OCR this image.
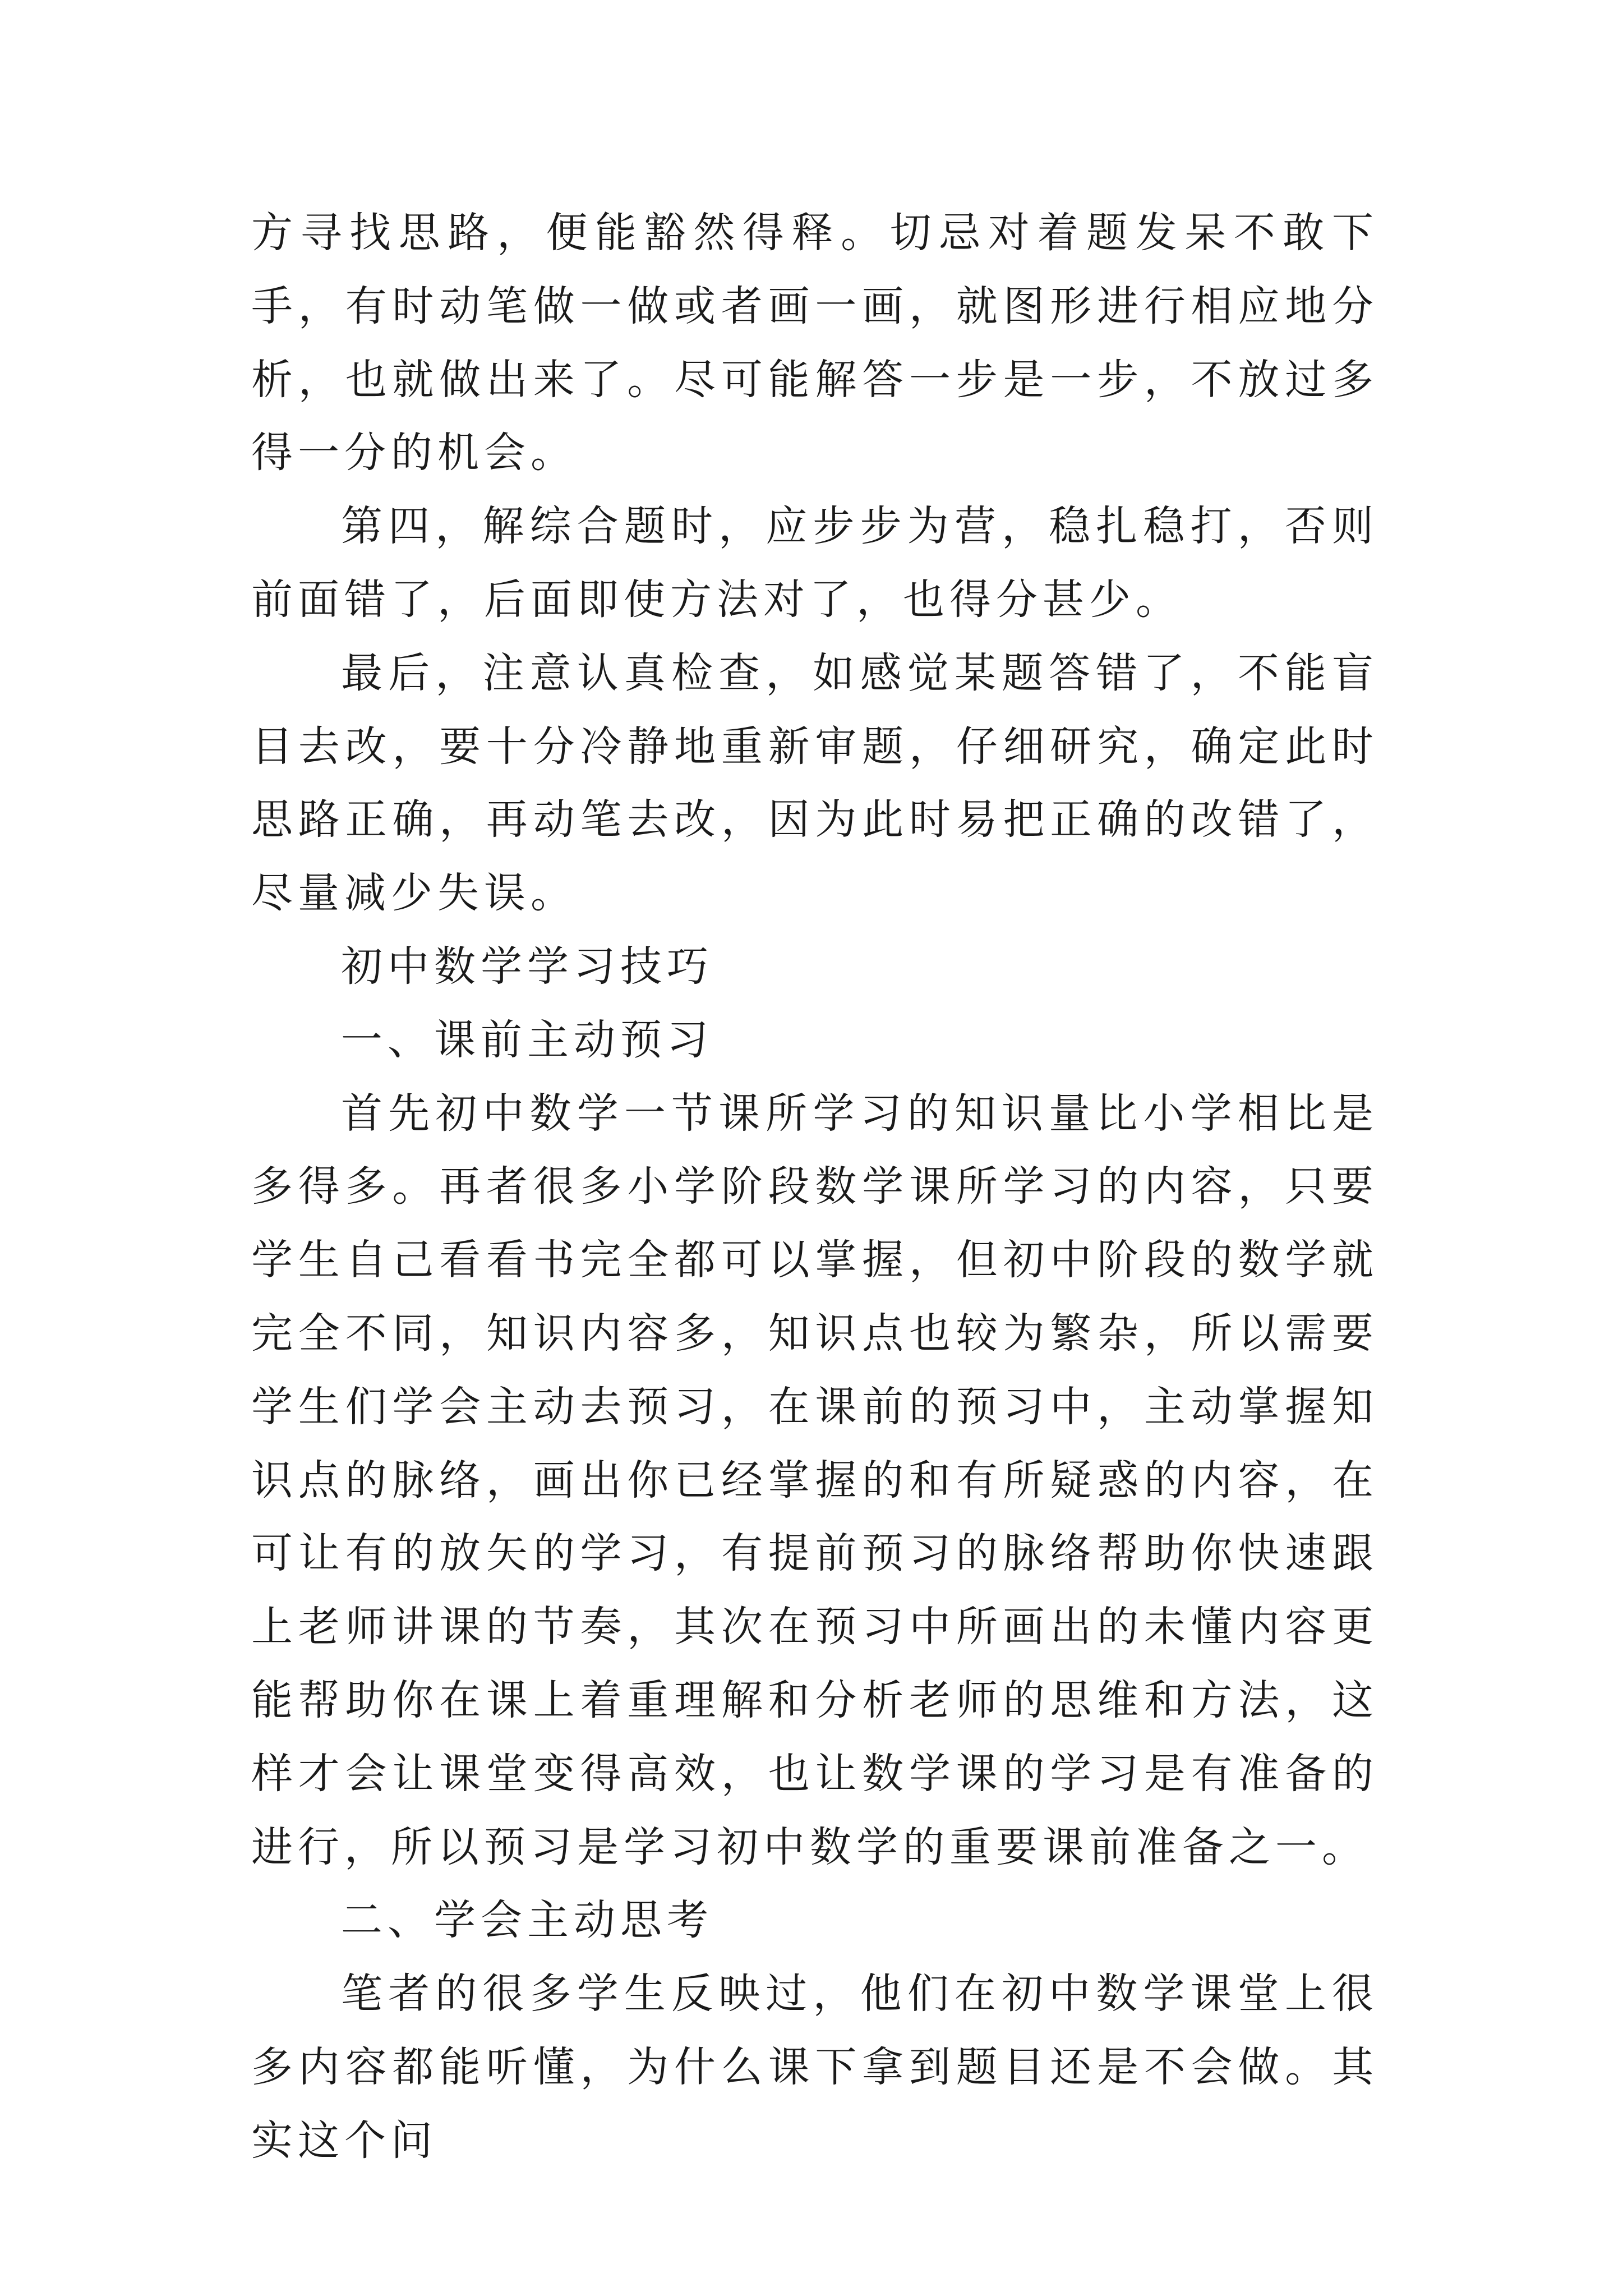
方寻找思路，便能豁然得释。切忌对着题发呆不敢下手，有时动笔做一做或者画一画，就图形进行相应地分析，也就做出来了。尽可能解答一步是一步，不放过多得一分的机会。

第四，解综合题时，应步步为营，稳扎稳打，否则前面错了，后面即使方法对了，也得分甚少。

最后，注意认真检查，如感觉某题答错了，不能盲目去改，要十分冷静地重新审题，仔细研究，确定此时思路正确，再动笔去改，因为此时易把正确的改错了，尽量减少失误。

初中数学学习技巧

一、课前主动预习

首先初中数学一节课所学习的知识量比小学相比是多得多。再者很多小学阶段数学课所学习的内容，只要学生自己看看书完全都可以掌握，但初中阶段的数学就完全不同，知识内容多，知识点也较为繁杂，所以需要学生们学会主动去预习，在课前的预习中，主动掌握知识点的脉络，画出你已经掌握的和有所疑惑的内容，在可让有的放矢的学习，有提前预习的脉络帮助你快速跟上老师讲课的节奏，其次在预习中所画出的未懂内容更能帮助你在课上着重理解和分析老师的思维和方法，这样才会让课堂变得高效，也让数学课的学习是有准备的进行，所以预习是学习初中数学的重要课前准备之一。

二、学会主动思考

笔者的很多学生反映过，他们在初中数学课堂上很多内容都能听懂，为什么课下拿到题目还是不会做。其实这个问
